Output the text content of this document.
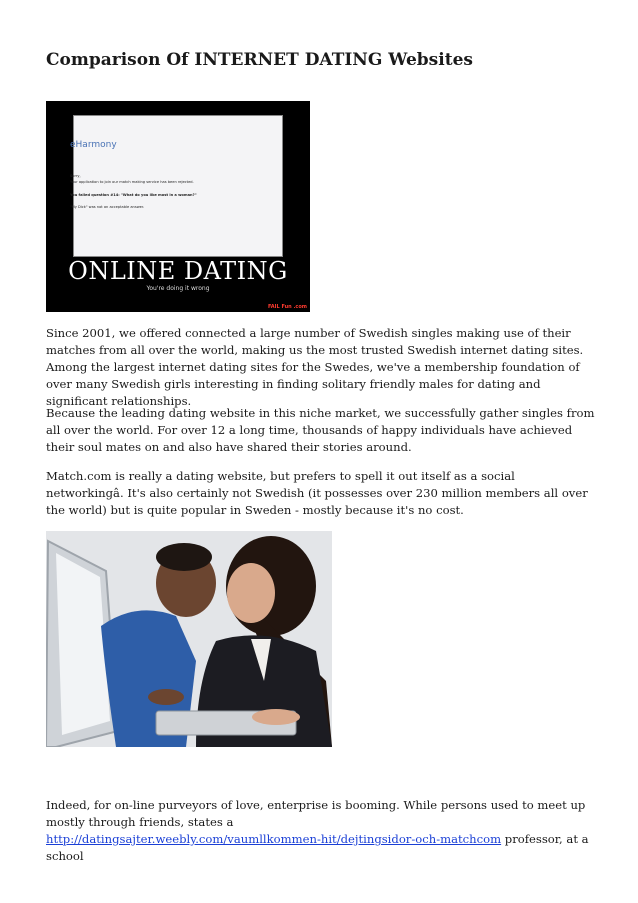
Comparison Of INTERNET DATING Websites
eHarmony
Sorry,
Your application to join our match making service has been rejected.
You failed question #14: "What do you like most in a woman?"
"My Dick" was not an acceptable answer.
ONLINE DATING
You're doing it wrong
FAIL Fun .com

Since 2001, we offered connected a large number of Swedish singles making use of their matches from all over the world, making us the most trusted Swedish internet dating sites. Among the largest internet dating sites for the Swedes, we've a membership foundation of over many Swedish girls interesting in finding solitary friendly males for dating and significant relationships.

Because the leading dating website in this niche market, we successfully gather singles from all over the world. For over 12 a long time, thousands of happy individuals have achieved their soul mates on and also have shared their stories around.

Match.com is really a dating website, but prefers to spell it out itself as a social networkingâ. It's also certainly not Swedish (it possesses over 230 million members all over the world) but is quite popular in Sweden - mostly because it's no cost.

Indeed, for on-line purveyors of love, enterprise is booming. While persons used to meet up mostly through friends, states a
http://datingsajter.weebly.com/vaumllkommen-hit/dejtingsidor-och-matchcom professor, at a school
